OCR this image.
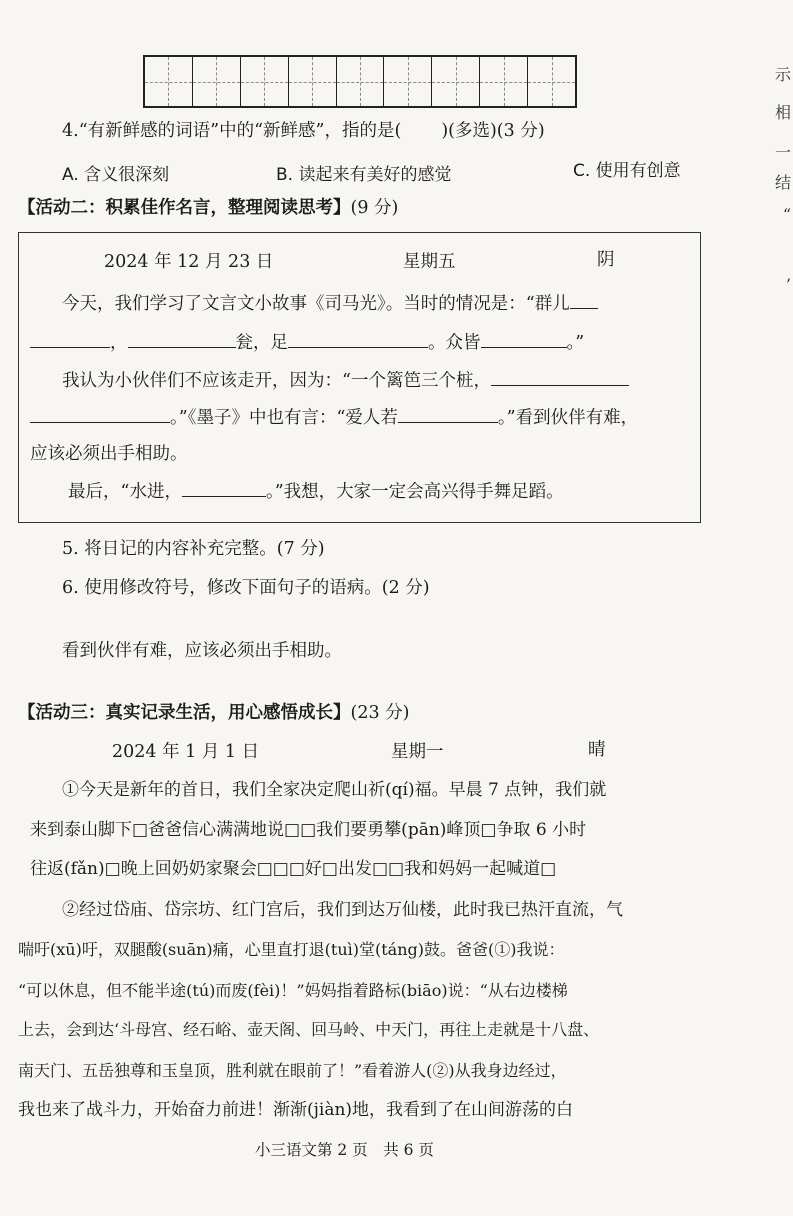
示
相
一
结
“
’
4.“有新鲜感的词语”中的“新鲜感”，指的是( )(多选)(3 分)
A. 含义很深刻	B. 读起来有美好的感觉	C. 使用有创意
【活动二：积累佳作名言，整理阅读思考】(9 分)
2024 年 12 月 23 日	星期五	阴
今天，我们学习了文言文小故事《司马光》。当时的情况是：“群儿
，	瓮，足	。众皆	。”
我认为小伙伴们不应该走开，因为：“一个篱笆三个桩，
。”《墨子》中也有言：“爱人若	。”看到伙伴有难，
应该必须出手相助。
最后，“水进，	。”我想，大家一定会高兴得手舞足蹈。
5. 将日记的内容补充完整。(7 分)
6. 使用修改符号，修改下面句子的语病。(2 分)
看到伙伴有难，应该必须出手相助。
【活动三：真实记录生活，用心感悟成长】(23 分)
2024 年 1 月 1 日	星期一	晴
①今天是新年的首日，我们全家决定爬山祈(qí)福。早晨 7 点钟，我们就
来到泰山脚下□爸爸信心满满地说□□我们要勇攀(pān)峰顶□争取 6 小时
往返(fǎn)□晚上回奶奶家聚会□□□好□出发□□我和妈妈一起喊道□
②经过岱庙、岱宗坊、红门宫后，我们到达万仙楼，此时我已热汗直流，气
喘吁(xū)吁，双腿酸(suān)痛，心里直打退(tuì)堂(táng)鼓。爸爸(①)我说：
“可以休息，但不能半途(tú)而废(fèi)！”妈妈指着路标(biāo)说：“从右边楼梯
上去，会到达‘斗母宫、经石峪、壶天阁、回马岭、中天门，再往上走就是十八盘、
南天门、五岳独尊和玉皇顶，胜利就在眼前了！”看着游人(②)从我身边经过，
我也来了战斗力，开始奋力前进！渐渐(jiàn)地，我看到了在山间游荡的白
小三语文第 2 页　共 6 页
